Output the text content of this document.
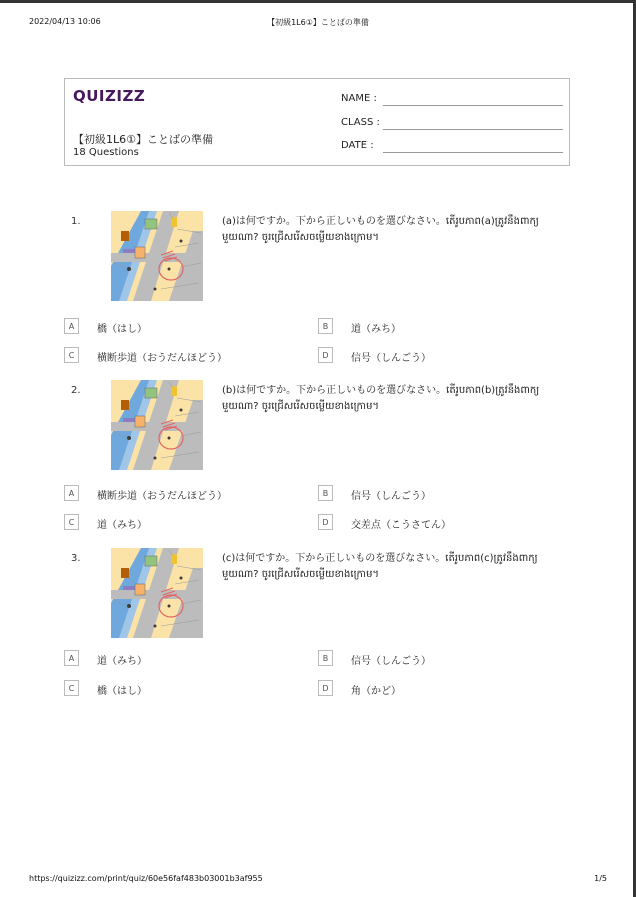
2022/04/13 10:06	【初級1L6①】ことばの準備
QUIZIZZ
【初級1L6①】ことばの準備
18 Questions
NAME :
CLASS :
DATE :
1.	(a)は何ですか。下から正しいものを選びなさい。តើរូបភាព(a)ត្រូវនឹងពាក្យមួយណា? ចូរជ្រើសរើសចម្លើយខាងក្រោម។
A	橋（はし）	B	道（みち）
C	横断歩道（おうだんほどう）	D	信号（しんごう）
2.	(b)は何ですか。下から正しいものを選びなさい。តើរូបភាព(b)ត្រូវនឹងពាក្យមួយណា? ចូរជ្រើសរើសចម្លើយខាងក្រោម។
A	横断歩道（おうだんほどう）	B	信号（しんごう）
C	道（みち）	D	交差点（こうさてん）
3.	(c)は何ですか。下から正しいものを選びなさい。តើរូបភាព(c)ត្រូវនឹងពាក្យមួយណា? ចូរជ្រើសរើសចម្លើយខាងក្រោម។
A	道（みち）	B	信号（しんごう）
C	橋（はし）	D	角（かど）
https://quizizz.com/print/quiz/60e56faf483b03001b3af955	1/5
